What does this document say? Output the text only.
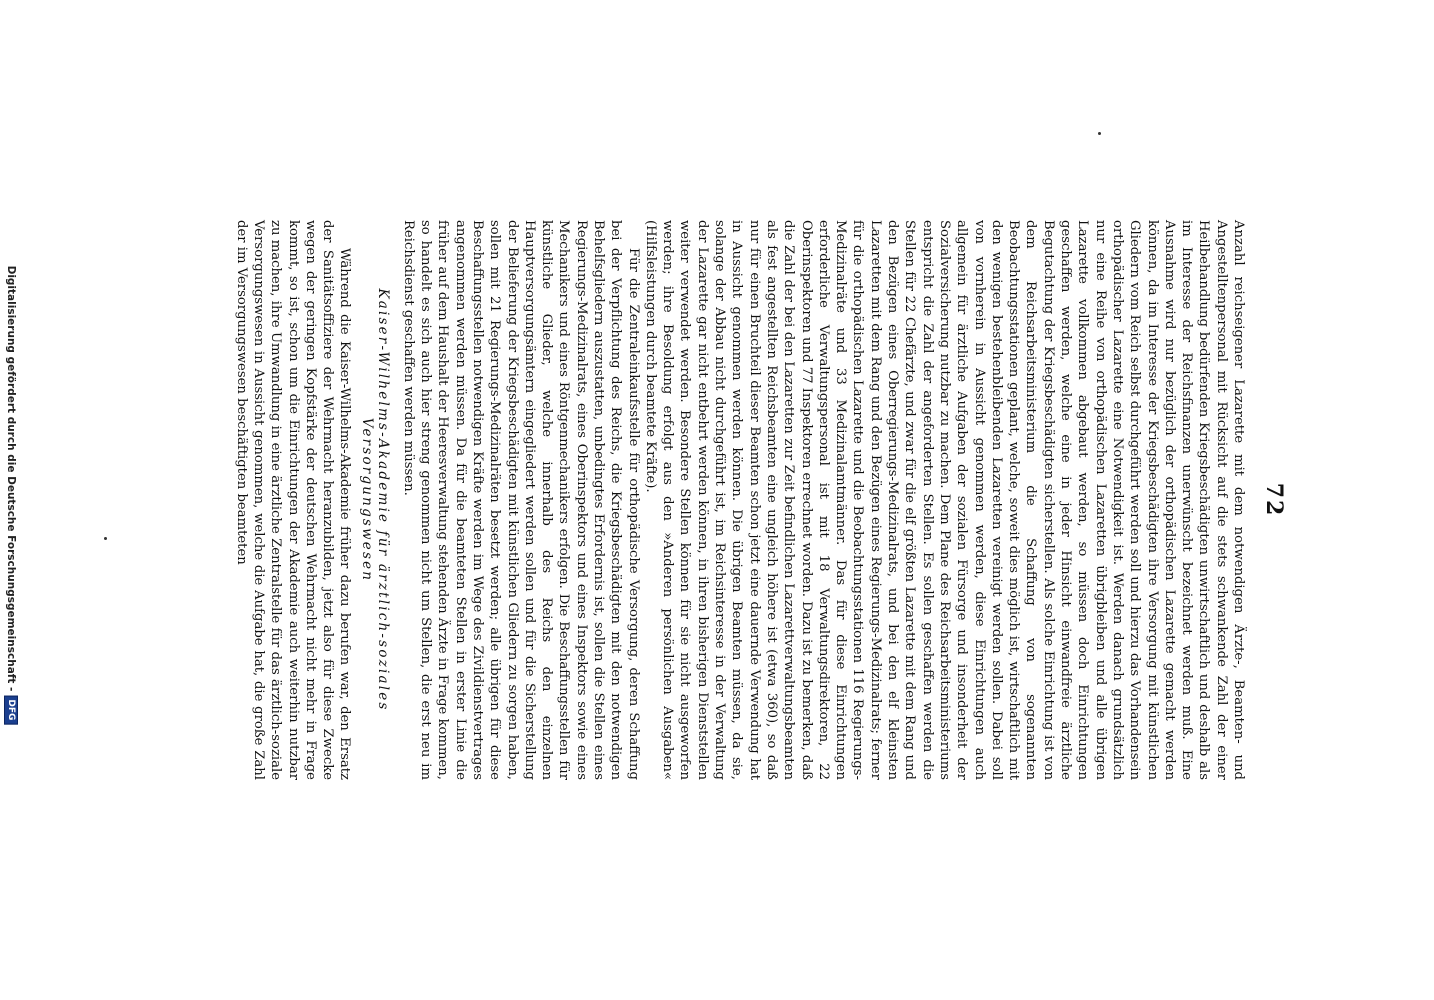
72

Anzahl reichseigener Lazarette mit dem notwendigen Ärzte-, Beamten- und Angestelltenpersonal mit Rücksicht auf die stets schwankende Zahl der einer Heilbehandlung bedürfenden Kriegsbeschädigten unwirtschaftlich und deshalb als im Interesse der Reichsfinanzen unerwünscht bezeichnet werden muß. Eine Ausnahme wird nur bezüglich der orthopädischen Lazarette gemacht werden können, da im Interesse der Kriegsbeschädigten ihre Versorgung mit künstlichen Gliedern vom Reich selbst durchgeführt werden soll und hierzu das Vorhandensein orthopädischer Lazarette eine Notwendigkeit ist. Werden danach grundsätzlich nur eine Reihe von orthopädischen Lazaretten übrigbleiben und alle übrigen Lazarette vollkommen abgebaut werden, so müssen doch Einrichtungen geschaffen werden, welche eine in jeder Hinsicht einwandfreie ärztliche Begutachtung der Kriegsbeschädigten sicherstellen. Als solche Einrichtung ist von dem Reichsarbeitsministerium die Schaffung von sogenannten Beobachtungsstationen geplant, welche, soweit dies möglich ist, wirtschaftlich mit den wenigen bestehenbleibenden Lazaretten vereinigt werden sollen. Dabei soll von vornherein in Aussicht genommen werden, diese Einrichtungen auch allgemein für ärztliche Aufgaben der sozialen Fürsorge und insonderheit der Sozialversicherung nutzbar zu machen. Dem Plane des Reichsarbeitsministeriums entspricht die Zahl der angeforderten Stellen. Es sollen geschaffen werden die Stellen für 22 Chefärzte, und zwar für die elf größten Lazarette mit dem Rang und den Bezügen eines Oberregierungs-Medizinalrats, und bei den elf kleinsten Lazaretten mit dem Rang und den Bezügen eines Regierungs-Medizinalrats; ferner für die orthopädischen Lazarette und die Beobachtungsstationen 116 Regierungs-Medizinalräte und 33 Medizinalamtmänner. Das für diese Einrichtungen erforderliche Verwaltungspersonal ist mit 18 Verwaltungsdirektoren, 22 Oberinspektoren und 77 Inspektoren errechnet worden. Dazu ist zu bemerken, daß die Zahl der bei den Lazaretten zur Zeit befindlichen Lazarettverwaltungsbeamten als fest angestellten Reichsbeamten eine ungleich höhere ist (etwa 360), so daß nur für einen Bruchteil dieser Beamten schon jetzt eine dauernde Verwendung hat in Aussicht genommen werden können. Die übrigen Beamten müssen, da sie, solange der Abbau nicht durchgeführt ist, im Reichsinteresse in der Verwaltung der Lazarette gar nicht entbehrt werden können, in ihren bisherigen Dienststellen weiter verwendet werden. Besondere Stellen können für sie nicht ausgeworfen werden; ihre Besoldung erfolgt aus den »Anderen persönlichen Ausgaben« (Hilfsleistungen durch beamtete Kräfte).

Für die Zentraleinkaufsstelle für orthopädische Versorgung, deren Schaffung bei der Verpflichtung des Reichs, die Kriegsbeschädigten mit den notwendigen Behelfsgliedern auszustatten, unbedingtes Erfordernis ist, sollen die Stellen eines Regierungs-Medizinalrats, eines Oberinspektors und eines Inspektors sowie eines Mechanikers und eines Röntgenmechanikers erfolgen. Die Beschaffungsstellen für künstliche Glieder, welche innerhalb des Reichs den einzelnen Hauptversorgungsämtern eingegliedert werden sollen und für die Sicherstellung der Belieferung der Kriegsbeschädigten mit künstlichen Gliedern zu sorgen haben, sollen mit 21 Regierungs-Medizinalräten besetzt werden; alle übrigen für diese Beschaffungsstellen notwendigen Kräfte werden im Wege des Zivildienstvertrages angenommen werden müssen. Da für die beamteten Stellen in erster Linie die früher auf dem Haushalt der Heeresverwaltung stehenden Ärzte in Frage kommen, so handelt es sich auch hier streng genommen nicht um Stellen, die erst neu im Reichsdienst geschaffen werden müssen.

Kaiser-Wilhelms-Akademie für ärztlich-soziales Versorgungswesen

Während die Kaiser-Wilhelms-Akademie früher dazu berufen war, den Ersatz der Sanitätsoffiziere der Wehrmacht heranzubilden, jetzt also für diese Zwecke wegen der geringen Kopfstärke der deutschen Wehrmacht nicht mehr in Frage kommt, so ist, schon um die Einrichtungen der Akademie auch weiterhin nutzbar zu machen, ihre Umwandlung in eine ärztliche Zentralstelle für das ärztlich-soziale Versorgungswesen in Aussicht genommen, welche die Aufgabe hat, die große Zahl der im Versorgungswesen beschäftigten beamteten

Digitalisierung gefördert durch die Deutsche Forschungsgemeinschaft -
DFG
